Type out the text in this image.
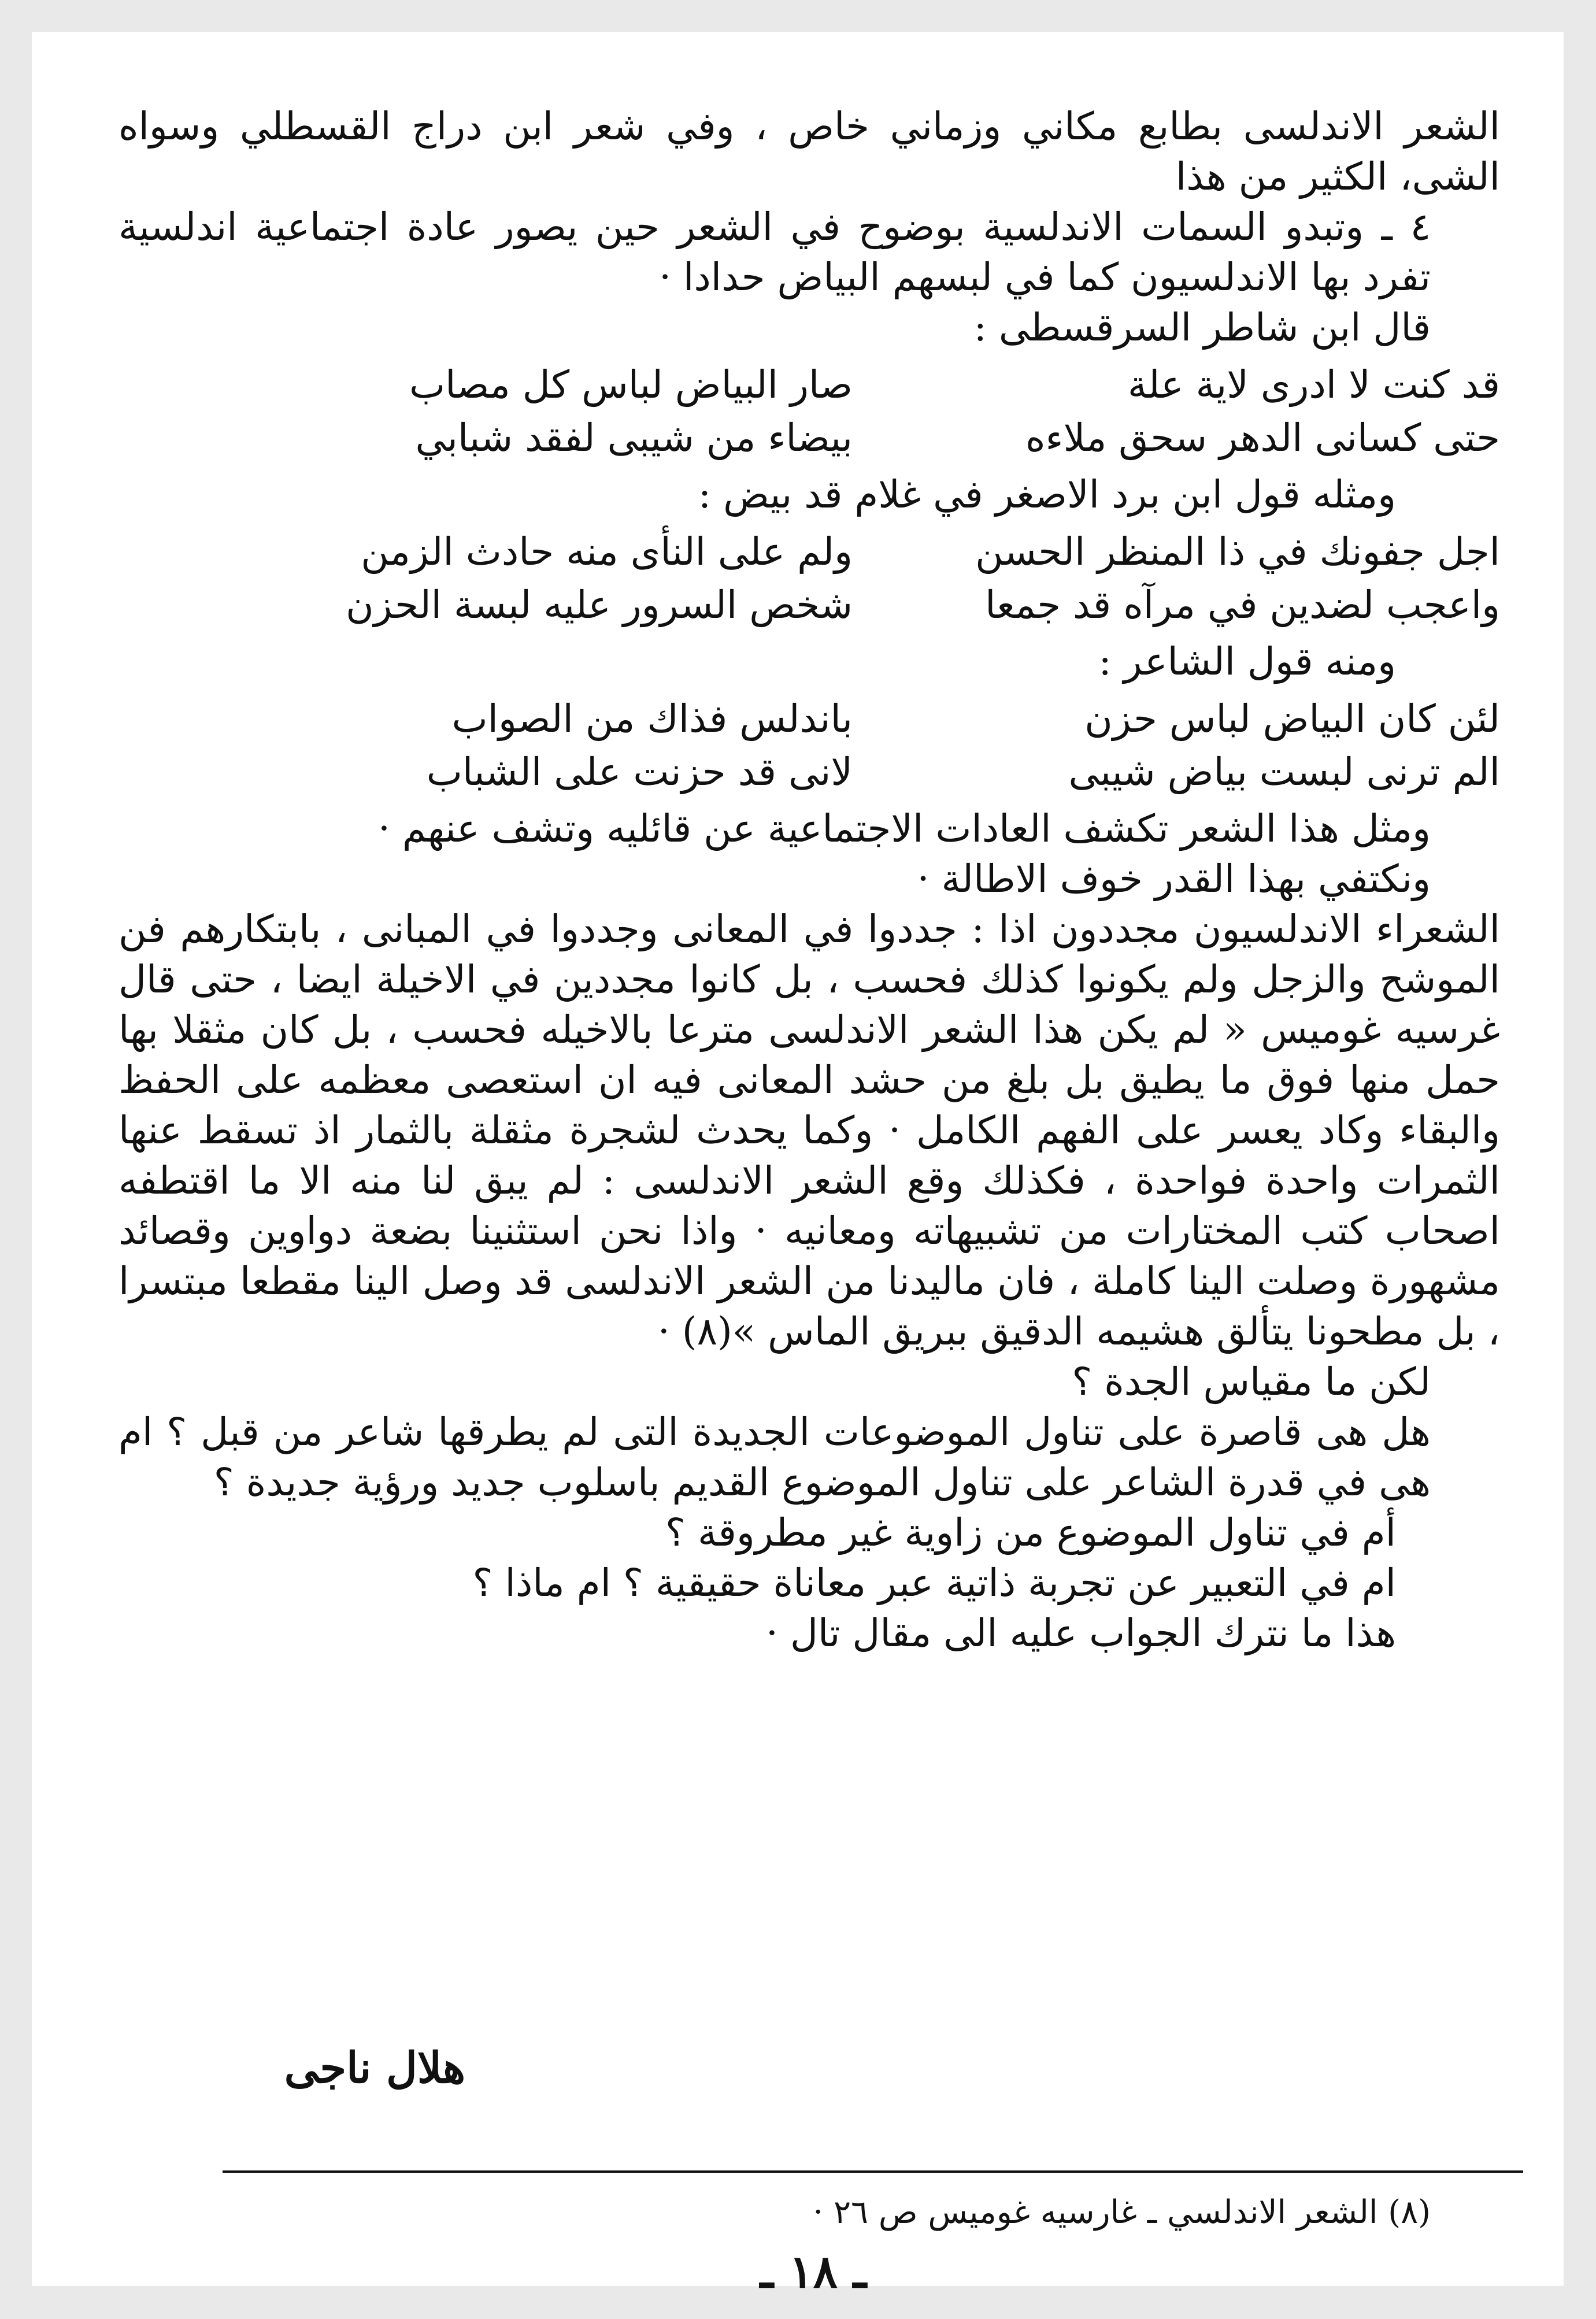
الشعر الاندلسى بطابع مكاني وزماني خاص ، وفي شعر ابن دراج القسطلي وسواه الشى، الكثير من هذا

٤ ـ وتبدو السمات الاندلسية بوضوح في الشعر حين يصور عادة اجتماعية اندلسية تفرد بها الاندلسيون كما في لبسهم البياض حدادا ·

قال ابن شاطر السرقسطى :

قد كنت لا ادرى لاية علة
صار البياض لباس كل مصاب
حتى كسانى الدهر سحق ملاءه
بيضاء من شيبى لفقد شبابي

ومثله قول ابن برد الاصغر في غلام قد بيض :

اجل جفونك في ذا المنظر الحسن
ولم على النأى منه حادث الزمن
واعجب لضدين في مرآه قد جمعا
شخص السرور عليه لبسة الحزن

ومنه قول الشاعر :

لئن كان البياض لباس حزن
باندلس فذاك من الصواب
الم ترنى لبست بياض شيبى
لانى قد حزنت على الشباب

ومثل هذا الشعر تكشف العادات الاجتماعية عن قائليه وتشف عنهم ·

ونكتفي بهذا القدر خوف الاطالة ·

الشعراء الاندلسيون مجددون اذا : جددوا في المعانى وجددوا في المبانى ، بابتكارهم فن الموشح والزجل ولم يكونوا كذلك فحسب ، بل كانوا مجددين في الاخيلة ايضا ، حتى قال غرسيه غوميس « لم يكن هذا الشعر الاندلسى مترعا بالاخيله فحسب ، بل كان مثقلا بها حمل منها فوق ما يطيق بل بلغ من حشد المعانى فيه ان استعصى معظمه على الحفظ والبقاء وكاد يعسر على الفهم الكامل · وكما يحدث لشجرة مثقلة بالثمار اذ تسقط عنها الثمرات واحدة فواحدة ، فكذلك وقع الشعر الاندلسى : لم يبق لنا منه الا ما اقتطفه اصحاب كتب المختارات من تشبيهاته ومعانيه · واذا نحن استثنينا بضعة دواوين وقصائد مشهورة وصلت الينا كاملة ، فان ماليدنا من الشعر الاندلسى قد وصل الينا مقطعا مبتسرا ، بل مطحونا يتألق هشيمه الدقيق ببريق الماس »(٨) ·

لكن ما مقياس الجدة ؟

هل هى قاصرة على تناول الموضوعات الجديدة التى لم يطرقها شاعر من قبل ؟ ام هى في قدرة الشاعر على تناول الموضوع القديم باسلوب جديد ورؤية جديدة ؟

أم في تناول الموضوع من زاوية غير مطروقة ؟

ام في التعبير عن تجربة ذاتية عبر معاناة حقيقية ؟ ام ماذا ؟

هذا ما نترك الجواب عليه الى مقال تال ·

هلال ناجى

(٨) الشعر الاندلسي ـ غارسيه غوميس ص ٢٦ ·

ـ ١٨ ـ
